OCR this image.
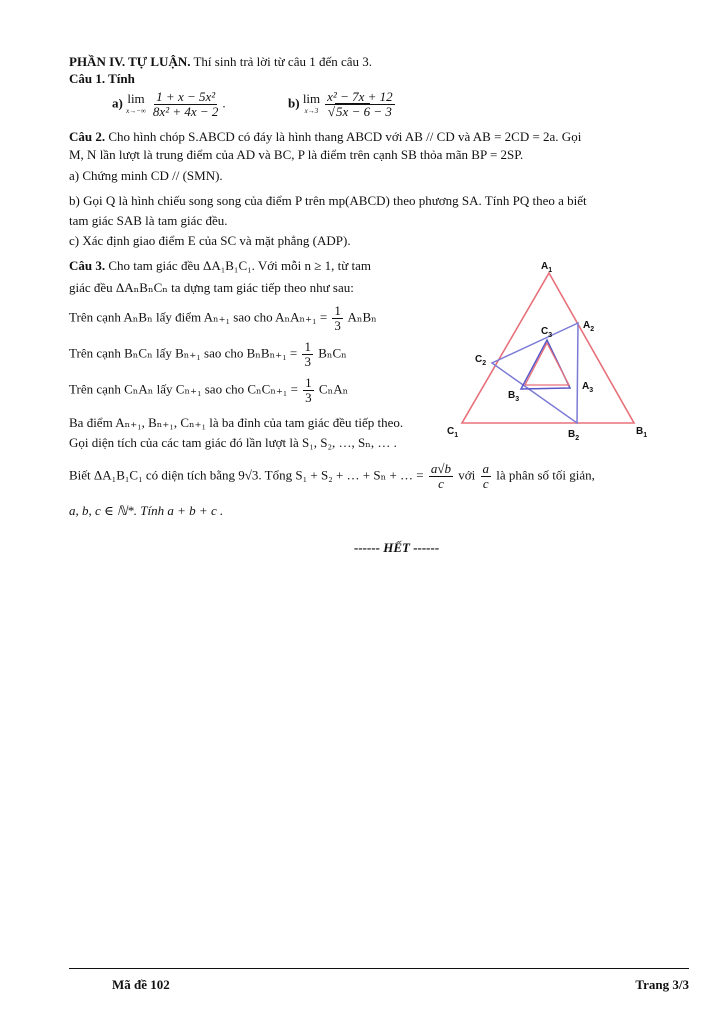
PHẦN IV. TỰ LUẬN. Thí sinh trả lời từ câu 1 đến câu 3.
Câu 1. Tính
a) lim
$x\to-\infty \frac{\text{1 + x − 5x²}}{\text{8x² + 4x − 2}}$ .	b) lim
$x\to 3 \frac{\text{x² − 7x + 12}}{√5x - 6 - 3}$
Câu 2. Cho hình chóp S.ABCD có đáy là hình thang ABCD với AB // CD và AB = 2CD = 2a. Gọi
M, N lần lượt là trung điểm của AD và BC, P là điểm trên cạnh SB thỏa mãn BP = 2SP.
a) Chứng minh CD // (SMN).
b) Gọi Q là hình chiếu song song của điểm P trên mp(ABCD) theo phương SA. Tính PQ theo a biết
tam giác SAB là tam giác đều.
c) Xác định giao điểm E của SC và mặt phẳng (ADP).
Câu 3. Cho tam giác đều ΔA₁B₁C₁. Với mỗi n ≥ 1, từ tam
giác đều ΔAₙBₙCₙ ta dựng tam giác tiếp theo như sau:
Trên cạnh AₙBₙ lấy điểm Aₙ₊₁ sao cho $A_nA_{n+1} = \frac{1}{3}$ AₙBₙ
Trên cạnh BₙCₙ lấy Bₙ₊₁ sao cho $B_nB_{n+1} = \frac{1}{3}$ BₙCₙ
Trên cạnh CₙAₙ lấy Cₙ₊₁ sao cho $C_nC_{n+1} = \frac{1}{3}$ CₙAₙ
Ba điểm Aₙ₊₁, Bₙ₊₁, Cₙ₊₁ là ba đỉnh của tam giác đều tiếp theo.
Gọi diện tích của các tam giác đó lần lượt là S₁, S₂, …, Sₙ, … .
Biết ΔA₁B₁C₁ có diện tích bằng 9√3. Tổng S₁ + S₂ + … + Sₙ + … = $\frac{a√b}{c}$ với $\frac{a}{c}$ là phân số tối giản,
a, b, c ∈ ℕ*. Tính a + b + c .
$A_1$
$B_1$
$C_1$
$A_2$
$B_2$
$C_2$
$A_3$
$B_3$
$C_3$
------ HẾT ------
Mã đề 102	Trang 3/3
